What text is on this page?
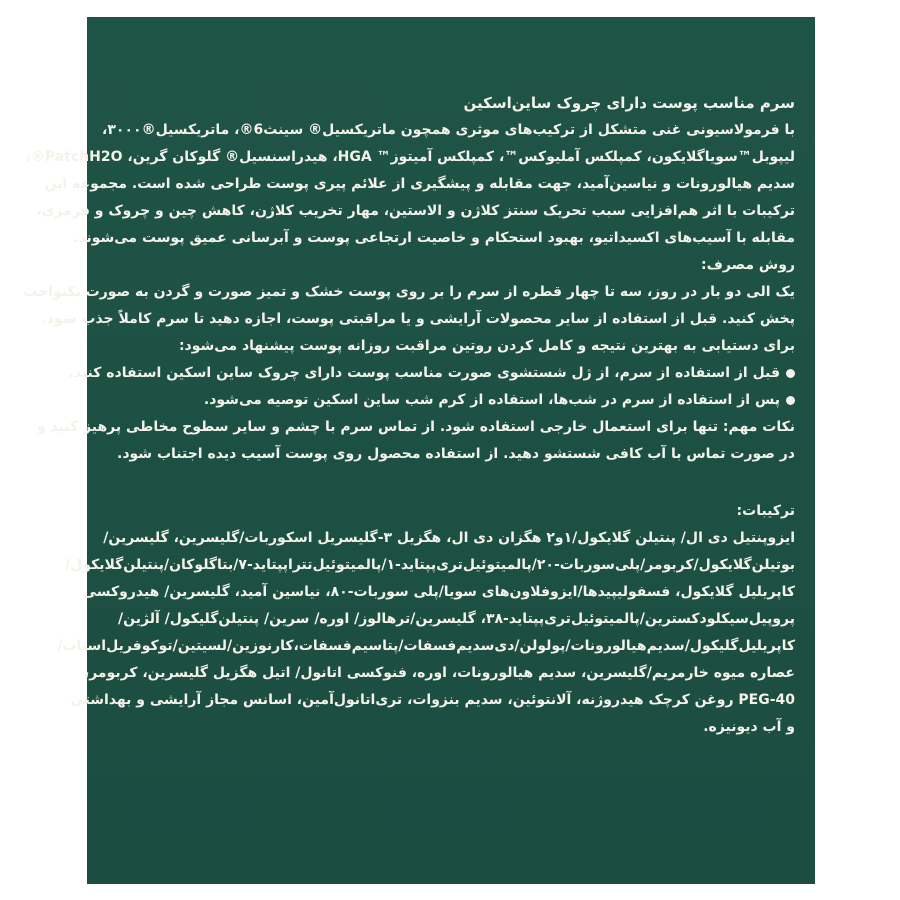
سرم مناسب پوست دارای چروک ساین‌اسکین
با فرمولاسیونی غنی متشکل از ترکیب‌های موثری همچون ماتریکسیل® سینث6®، ماتریکسیل®۳۰۰۰،
لیپوبل™سویاگلایکون، کمپلکس آملیوکس™، کمپلکس آمیتوز™ HGA، هیدراسنسیل® گلوکان گرین، PatchH2O®،
سدیم هیالورونات و نیاسین‌آمید، جهت مقابله و پیشگیری از علائم پیری پوست طراحی شده است. مجموعه این
ترکیبات با اثر هم‌افزایی سبب تحریک سنتز کلاژن و الاستین، مهار تخریب کلاژن، کاهش چین و چروک و قرمزی،
مقابله با آسیب‌های اکسیداتیو، بهبود استحکام و خاصیت ارتجاعی پوست و آبرسانی عمیق پوست می‌شوند.
روش مصرف:
یک الی دو بار در روز، سه تا چهار قطره از سرم را بر روی پوست خشک و تمیز صورت و گردن به صورت یکنواخت
پخش کنید. قبل از استفاده از سایر محصولات آرایشی و یا مراقبتی پوست، اجازه دهید تا سرم کاملاً جذب شود.
برای دستیابی به بهترین نتیجه و کامل کردن روتین مراقبت روزانه پوست پیشنهاد می‌شود:
قبل از استفاده از سرم، از ژل شستشوی صورت مناسب پوست دارای چروک ساین اسکین استفاده کنید.
پس از استفاده از سرم در شب‌ها، استفاده از کرم شب ساین اسکین توصیه می‌شود.
نکات مهم: تنها برای استعمال خارجی استفاده شود. از تماس سرم با چشم و سایر سطوح مخاطی پرهیز کنید و
در صورت تماس با آب کافی شستشو دهید. از استفاده محصول روی پوست آسیب دیده اجتناب شود.
ترکیبات:
ایزوپنتیل دی ال/ پنتیلن گلایکول/۱و۲ هگزان دی ال، هگزیل ۳-گلیسریل اسکوربات/گلیسرین، گلیسرین/
بوتیلن‌گلایکول/کربومر/پلی‌سوربات-۲۰/پالمیتوئیل‌تری‌پپتاید-۱/پالمیتوئیل‌تتراپپتاید-۷/بتاگلوکان/پنتیلن‌گلایکول/
کاپریلیل گلایکول، فسفولیپیدها/ایزوفلاون‌های سویا/پلی سوربات-۸۰، نیاسین آمید، گلیسرین/ هیدروکسی
پروپیل‌سیکلودکسترین/پالمیتوئیل‌تری‌پپتاید-۳۸، گلیسرین/ترهالوز/ اوره/ سرین/ پنتیلن‌گلیکول/ آلژین/
کاپریلیل‌گلیکول/سدیم‌هیالورونات/پولولن/دی‌سدیم‌فسفات/پتاسیم‌فسفات،کارنوزین/لسیتین/توکوفریل‌استات/
عصاره میوه خارمریم/گلیسرین، سدیم هیالورونات، اوره، فنوکسی اتانول/ اتیل هگزیل گلیسرین، کربومر،
PEG-40 روغن کرچک هیدروژنه، آلانتوئین، سدیم بنزوات، تری‌اتانول‌آمین، اسانس مجاز آرایشی و بهداشتی
و آب دیونیزه.
